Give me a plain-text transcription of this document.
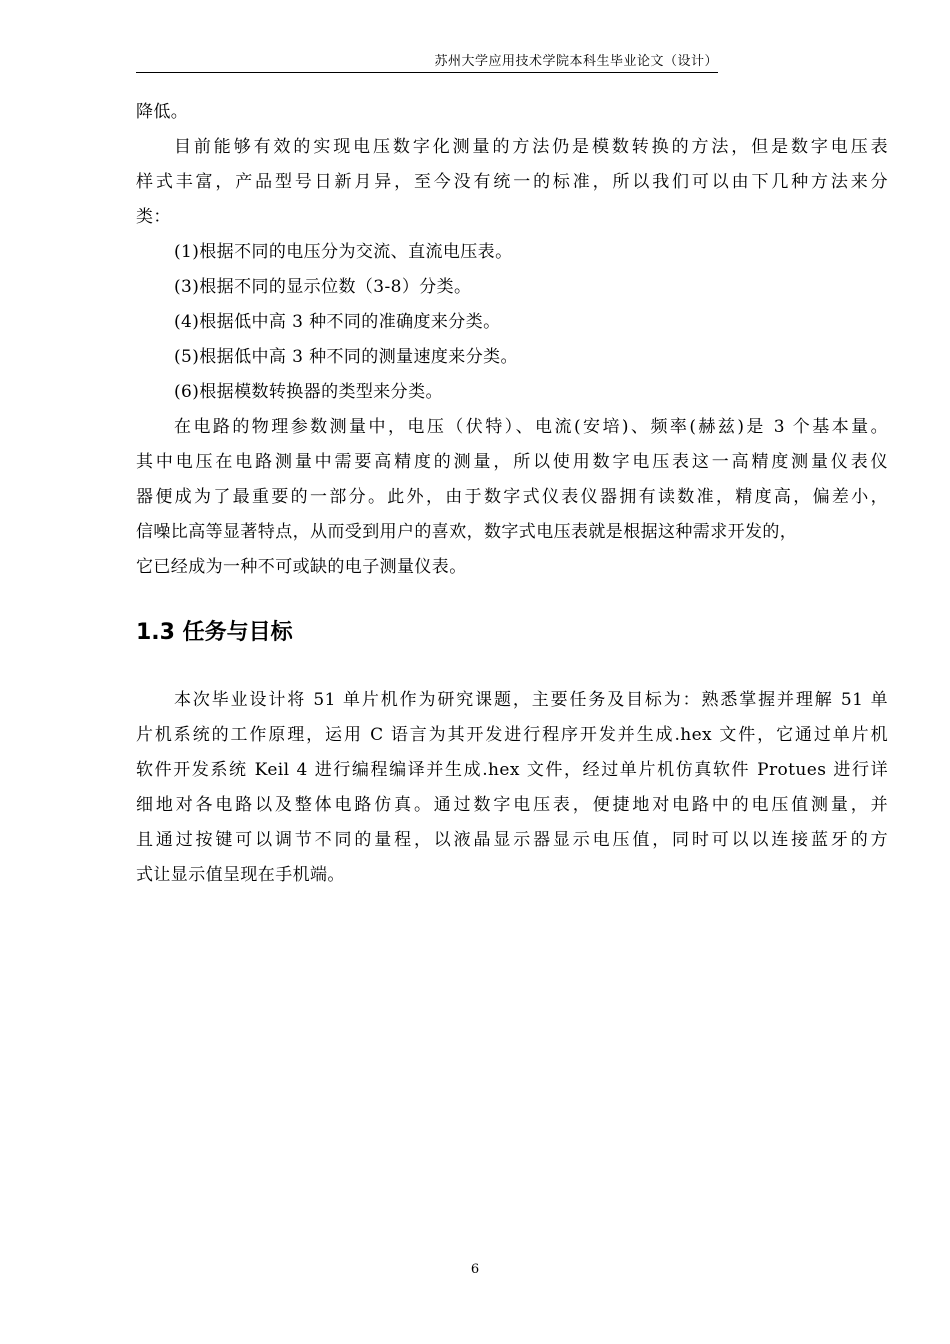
苏州大学应用技术学院本科生毕业论文（设计）
降低。
目前能够有效的实现电压数字化测量的方法仍是模数转换的方法，但是数字电压表
样式丰富，产品型号日新月异，至今没有统一的标准，所以我们可以由下几种方法来分
类：
(1)根据不同的电压分为交流、直流电压表。
(3)根据不同的显示位数（3-8）分类。
(4)根据低中高 3 种不同的准确度来分类。
(5)根据低中高 3 种不同的测量速度来分类。
(6)根据模数转换器的类型来分类。
在电路的物理参数测量中，电压（伏特）、电流(安培)、频率(赫兹)是 3 个基本量。
其中电压在电路测量中需要高精度的测量，所以使用数字电压表这一高精度测量仪表仪
器便成为了最重要的一部分。此外，由于数字式仪表仪器拥有读数准，精度高，偏差小，
信噪比高等显著特点，从而受到用户的喜欢，数字式电压表就是根据这种需求开发的，
它已经成为一种不可或缺的电子测量仪表。
1.3 任务与目标
本次毕业设计将 51 单片机作为研究课题，主要任务及目标为：熟悉掌握并理解 51 单
片机系统的工作原理，运用 C 语言为其开发进行程序开发并生成.hex 文件，它通过单片机
软件开发系统 Keil 4 进行编程编译并生成.hex 文件，经过单片机仿真软件 Protues 进行详
细地对各电路以及整体电路仿真。通过数字电压表，便捷地对电路中的电压值测量，并
且通过按键可以调节不同的量程，以液晶显示器显示电压值，同时可以以连接蓝牙的方
式让显示值呈现在手机端。
6
